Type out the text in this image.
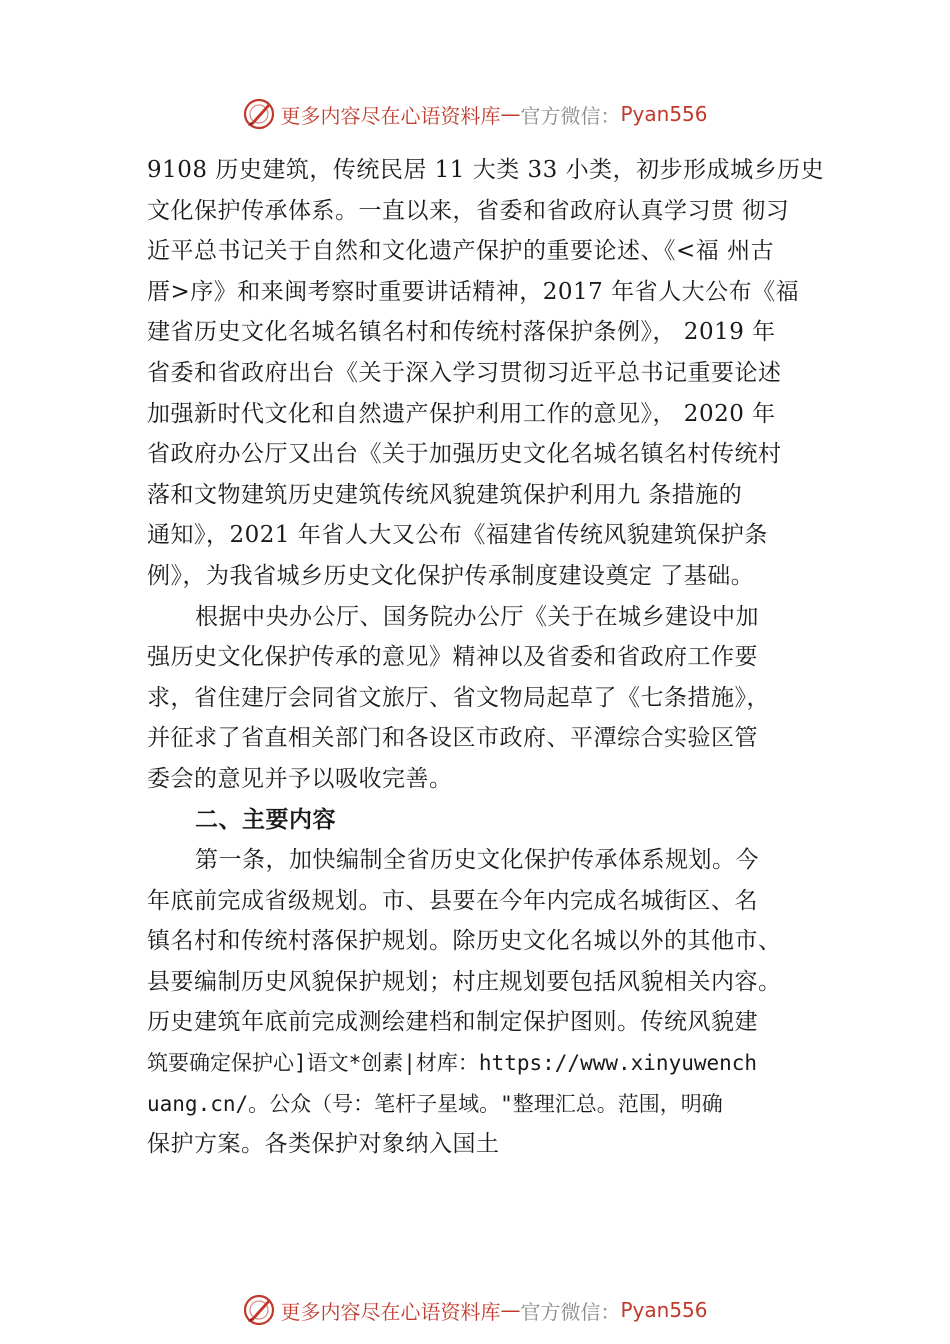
更多内容尽在心语资料库 — 官方微信： Pyan556
9108 历史建筑，传统民居 11 大类 33 小类，初步形成城乡历史
文化保护传承体系。一直以来，省委和省政府认真学习贯 彻习
近平总书记关于自然和文化遗产保护的重要论述、《<福 州古
厝>序》和来闽考察时重要讲话精神，2017 年省人大公布《福
建省历史文化名城名镇名村和传统村落保护条例》， 2019 年
省委和省政府出台《关于深入学习贯彻习近平总书记重要论述
加强新时代文化和自然遗产保护利用工作的意见》， 2020 年
省政府办公厅又出台《关于加强历史文化名城名镇名村传统村
落和文物建筑历史建筑传统风貌建筑保护利用九 条措施的
通知》，2021 年省人大又公布《福建省传统风貌建筑保护条
例》，为我省城乡历史文化保护传承制度建设奠定 了基础。
根据中央办公厅、国务院办公厅《关于在城乡建设中加
强历史文化保护传承的意见》精神以及省委和省政府工作要
求，省住建厅会同省文旅厅、省文物局起草了《七条措施》，
并征求了省直相关部门和各设区市政府、平潭综合实验区管
委会的意见并予以吸收完善。
二、主要内容
第一条，加快编制全省历史文化保护传承体系规划。今
年底前完成省级规划。市、县要在今年内完成名城街区、名
镇名村和传统村落保护规划。除历史文化名城以外的其他市、
县要编制历史风貌保护规划；村庄规划要包括风貌相关内容。
历史建筑年底前完成测绘建档和制定保护图则。传统风貌建
筑要确定保护心]语文*创素|材库：https://www.xinyuwench
uang.cn/。公众（号：笔杆子星域。"整理汇总。范围，明确
保护方案。各类保护对象纳入国土
更多内容尽在心语资料库 — 官方微信： Pyan556
